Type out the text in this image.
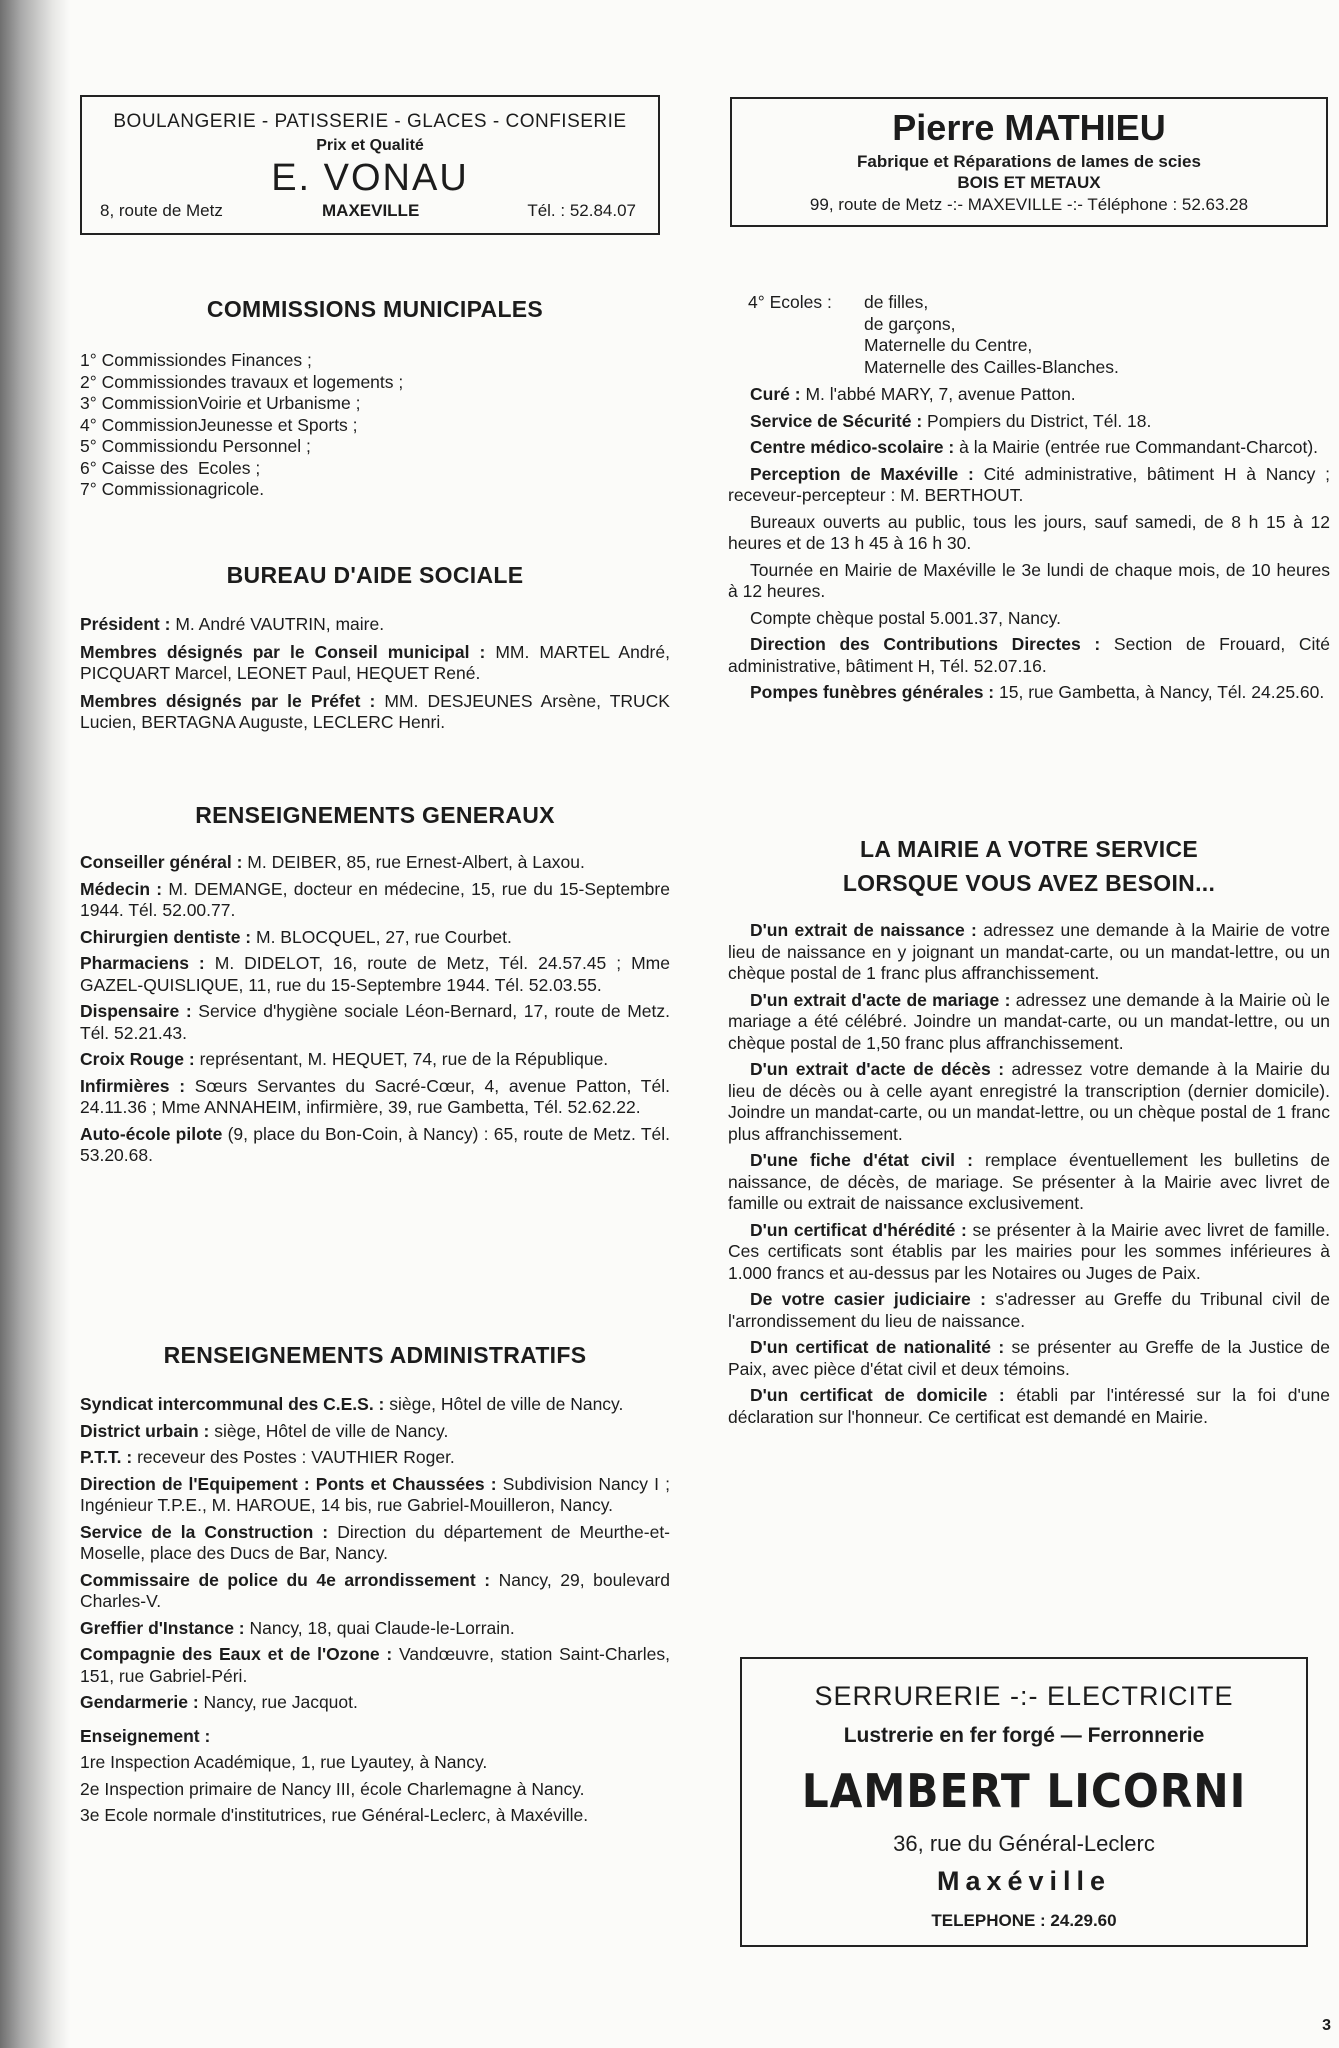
BOULANGERIE - PATISSERIE - GLACES - CONFISERIE
Prix et Qualité
E. VONAU
8, route de Metz	MAXEVILLE	Tél. : 52.84.07
COMMISSIONS MUNICIPALES
1° Commission des Finances ;
2° Commission des travaux et logements ;
3° Commission Voirie et Urbanisme ;
4° Commission Jeunesse et Sports ;
5° Commission du Personnel ;
6° Caisse des Ecoles ;
7° Commission agricole.
BUREAU D'AIDE SOCIALE

Président : M. André VAUTRIN, maire.

Membres désignés par le Conseil municipal : MM. MARTEL André, PICQUART Marcel, LEONET Paul, HEQUET René.

Membres désignés par le Préfet : MM. DESJEUNES Arsène, TRUCK Lucien, BERTAGNA Auguste, LECLERC Henri.

RENSEIGNEMENTS GENERAUX

Conseiller général : M. DEIBER, 85, rue Ernest-Albert, à Laxou.

Médecin : M. DEMANGE, docteur en médecine, 15, rue du 15-Septembre 1944. Tél. 52.00.77.

Chirurgien dentiste : M. BLOCQUEL, 27, rue Courbet.

Pharmaciens : M. DIDELOT, 16, route de Metz, Tél. 24.57.45 ; Mme GAZEL-QUISLIQUE, 11, rue du 15-Septembre 1944. Tél. 52.03.55.

Dispensaire : Service d'hygiène sociale Léon-Bernard, 17, route de Metz. Tél. 52.21.43.

Croix Rouge : représentant, M. HEQUET, 74, rue de la République.

Infirmières : Sœurs Servantes du Sacré-Cœur, 4, avenue Patton, Tél. 24.11.36 ; Mme ANNAHEIM, infirmière, 39, rue Gambetta, Tél. 52.62.22.

Auto-école pilote (9, place du Bon-Coin, à Nancy) : 65, route de Metz. Tél. 53.20.68.

RENSEIGNEMENTS ADMINISTRATIFS

Syndicat intercommunal des C.E.S. : siège, Hôtel de ville de Nancy.

District urbain : siège, Hôtel de ville de Nancy.

P.T.T. : receveur des Postes : VAUTHIER Roger.

Direction de l'Equipement : Ponts et Chaussées : Subdivision Nancy I ; Ingénieur T.P.E., M. HAROUE, 14 bis, rue Gabriel-Mouilleron, Nancy.

Service de la Construction : Direction du département de Meurthe-et-Moselle, place des Ducs de Bar, Nancy.

Commissaire de police du 4e arrondissement : Nancy, 29, boulevard Charles-V.

Greffier d'Instance : Nancy, 18, quai Claude-le-Lorrain.

Compagnie des Eaux et de l'Ozone : Vandœuvre, station Saint-Charles, 151, rue Gabriel-Péri.

Gendarmerie : Nancy, rue Jacquot.

Enseignement :

1re Inspection Académique, 1, rue Lyautey, à Nancy.

2e Inspection primaire de Nancy III, école Charlemagne à Nancy.

3e Ecole normale d'institutrices, rue Général-Leclerc, à Maxéville.

Pierre MATHIEU
Fabrique et Réparations de lames de scies
BOIS ET METAUX
99, route de Metz -:- MAXEVILLE -:- Téléphone : 52.63.28
4° Ecoles :	de filles,
de garçons,
Maternelle du Centre,
Maternelle des Cailles-Blanches.

Curé : M. l'abbé MARY, 7, avenue Patton.

Service de Sécurité : Pompiers du District, Tél. 18.

Centre médico-scolaire : à la Mairie (entrée rue Commandant-Charcot).

Perception de Maxéville : Cité administrative, bâtiment H à Nancy ; receveur-percepteur : M. BERTHOUT.

Bureaux ouverts au public, tous les jours, sauf samedi, de 8 h 15 à 12 heures et de 13 h 45 à 16 h 30.

Tournée en Mairie de Maxéville le 3e lundi de chaque mois, de 10 heures à 12 heures.

Compte chèque postal 5.001.37, Nancy.

Direction des Contributions Directes : Section de Frouard, Cité administrative, bâtiment H, Tél. 52.07.16.

Pompes funèbres générales : 15, rue Gambetta, à Nancy, Tél. 24.25.60.

LA MAIRIE A VOTRE SERVICE
LORSQUE VOUS AVEZ BESOIN...

D'un extrait de naissance : adressez une demande à la Mairie de votre lieu de naissance en y joignant un mandat-carte, ou un mandat-lettre, ou un chèque postal de 1 franc plus affranchissement.

D'un extrait d'acte de mariage : adressez une demande à la Mairie où le mariage a été célébré. Joindre un mandat-carte, ou un mandat-lettre, ou un chèque postal de 1,50 franc plus affranchissement.

D'un extrait d'acte de décès : adressez votre demande à la Mairie du lieu de décès ou à celle ayant enregistré la transcription (dernier domicile). Joindre un mandat-carte, ou un mandat-lettre, ou un chèque postal de 1 franc plus affranchissement.

D'une fiche d'état civil : remplace éventuellement les bulletins de naissance, de décès, de mariage. Se présenter à la Mairie avec livret de famille ou extrait de naissance exclusivement.

D'un certificat d'hérédité : se présenter à la Mairie avec livret de famille. Ces certificats sont établis par les mairies pour les sommes inférieures à 1.000 francs et au-dessus par les Notaires ou Juges de Paix.

De votre casier judiciaire : s'adresser au Greffe du Tribunal civil de l'arrondissement du lieu de naissance.

D'un certificat de nationalité : se présenter au Greffe de la Justice de Paix, avec pièce d'état civil et deux témoins.

D'un certificat de domicile : établi par l'intéressé sur la foi d'une déclaration sur l'honneur. Ce certificat est demandé en Mairie.

SERRURERIE -:- ELECTRICITE
Lustrerie en fer forgé — Ferronnerie
LAMBERT LICORNI
36, rue du Général-Leclerc
Maxéville
TELEPHONE : 24.29.60
3
